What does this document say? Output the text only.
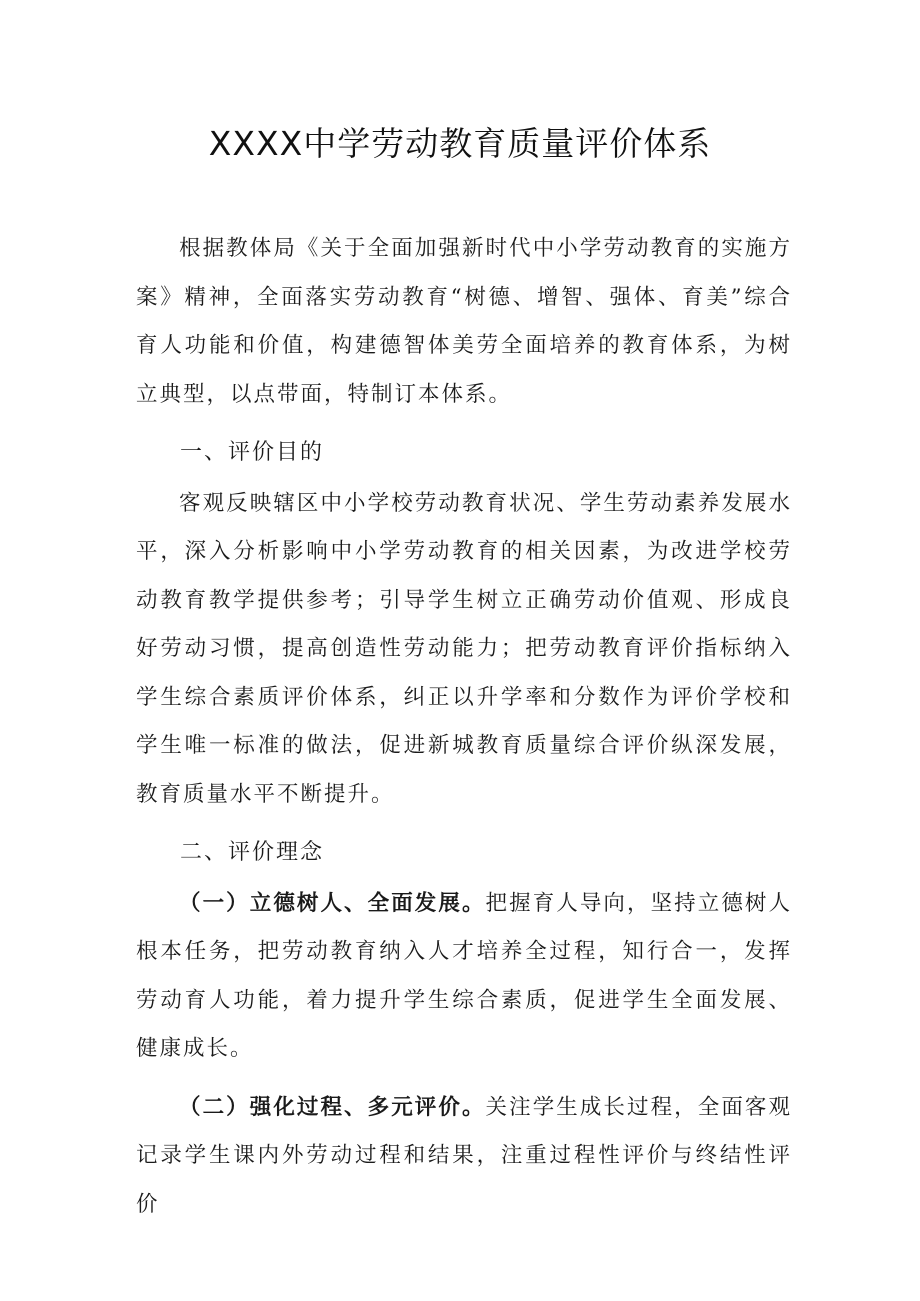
XXXX中学劳动教育质量评价体系

根据教体局《关于全面加强新时代中小学劳动教育的实施方案》精神，全面落实劳动教育“树德、增智、强体、育美”综合育人功能和价值，构建德智体美劳全面培养的教育体系，为树立典型，以点带面，特制订本体系。

一、评价目的

客观反映辖区中小学校劳动教育状况、学生劳动素养发展水平，深入分析影响中小学劳动教育的相关因素，为改进学校劳动教育教学提供参考；引导学生树立正确劳动价值观、形成良好劳动习惯，提高创造性劳动能力；把劳动教育评价指标纳入学生综合素质评价体系，纠正以升学率和分数作为评价学校和学生唯一标准的做法，促进新城教育质量综合评价纵深发展，教育质量水平不断提升。

二、评价理念

（一）立德树人、全面发展。把握育人导向，坚持立德树人根本任务，把劳动教育纳入人才培养全过程，知行合一，发挥劳动育人功能，着力提升学生综合素质，促进学生全面发展、健康成长。

（二）强化过程、多元评价。关注学生成长过程，全面客观记录学生课内外劳动过程和结果，注重过程性评价与终结性评价
